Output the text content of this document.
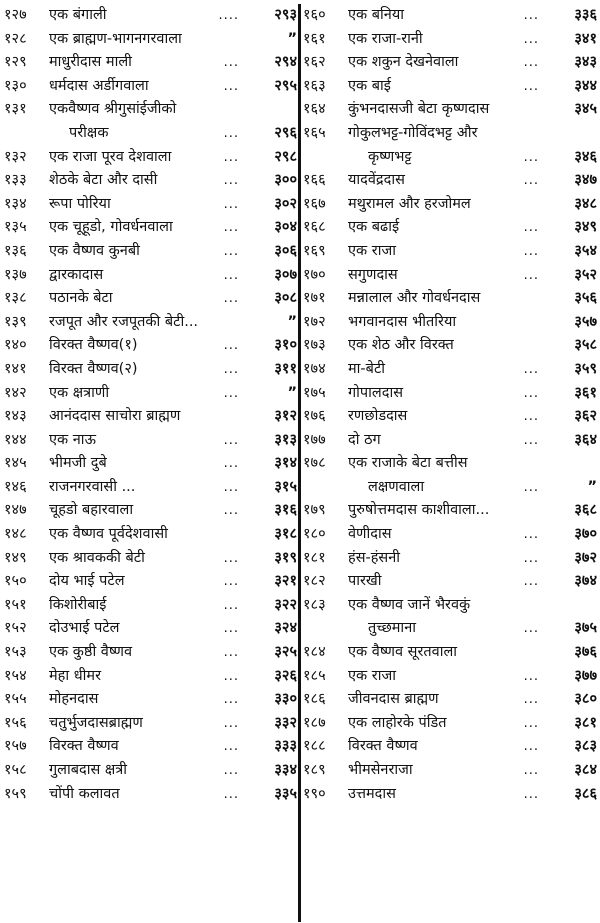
१२७ एक बंगाली	....	२९३
१२८ एक ब्राह्मण-भागनगरवाला	”
१२९ माधुरीदास माली	...	२९४
१३० धर्मदास अर्डीगवाला	...	२९५
१३१ एकवैष्णव श्रीगुसांईजीको
परीक्षक	...	२९६
१३२ एक राजा पूरव देशवाला	...	२९८
१३३ शेठके बेटा और दासी	...	३००
१३४ रूपा पोरिया	...	३०२
१३५ एक चूहूडो, गोवर्धनवाला	...	३०४
१३६ एक वैष्णव कुनबी	...	३०६
१३७ द्वारकादास	...	३०७
१३८ पठानके बेटा	...	३०८
१३९ रजपूत और रजपूतकी बेटी...	”
१४० विरक्त वैष्णव(१)	...	३१०
१४१ विरक्त वैष्णव(२)	...	३११
१४२ एक क्षत्राणी	...	”
१४३ आनंददास साचोरा ब्राह्मण	३१२
१४४ एक नाऊ	...	३१३
१४५ भीमजी दुबे	...	३१४
१४६ राजनगरवासी ...	...	३१५
१४७ चूहडो बहारवाला	...	३१६
१४८ एक वैष्णव पूर्वदेशवासी	३१८
१४९ एक श्रावककी बेटी	...	३१९
१५० दोय भाई पटेल	...	३२१
१५१ किशोरीबाई	...	३२२
१५२ दोउभाई पटेल	...	३२४
१५३ एक कुष्ठी वैष्णव	...	३२५
१५४ मेहा धीमर	...	३२६
१५५ मोहनदास	...	३३०
१५६ चतुर्भुजदासब्राह्मण	...	३३२
१५७ विरक्त वैष्णव	...	३३३
१५८ गुलाबदास क्षत्री	...	३३४
१५९ चोंपी कलावत	...	३३५
१६० एक बनिया	...	३३६
१६१ एक राजा-रानी	...	३४१
१६२ एक शकुन देखनेवाला	...	३४३
१६३ एक बाई	...	३४४
१६४ कुंभनदासजी बेटा कृष्णदास	३४५
१६५ गोकुलभट्ट-गोविंदभट्ट और
कृष्णभट्ट	...	३४६
१६६ यादवेंद्रदास	...	३४७
१६७ मथुरामल और हरजोमल	३४८
१६८ एक बढाई	...	३४९
१६९ एक राजा	...	३५४
१७० सगुणदास	...	३५२
१७१ मन्नालाल और गोवर्धनदास	३५६
१७२ भगवानदास भीतरिया	३५७
१७३ एक शेठ और विरक्त	३५८
१७४ मा-बेटी	...	३५९
१७५ गोपालदास	...	३६१
१७६ रणछोडदास	...	३६२
१७७ दो ठग	...	३६४
१७८ एक राजाके बेटा बत्तीस
लक्षणवाला	...	”
१७९ पुरुषोत्तमदास काशीवाला...	३६८
१८० वेणीदास	...	३७०
१८१ हंस-हंसनी	...	३७२
१८२ पारखी	...	३७४
१८३ एक वैष्णव जानें भैरवकुं
तुच्छमाना	...	३७५
१८४ एक वैष्णव सूरतवाला	३७६
१८५ एक राजा	...	३७७
१८६ जीवनदास ब्राह्मण	...	३८०
१८७ एक लाहोरके पंडित	...	३८१
१८८ विरक्त वैष्णव	...	३८३
१८९ भीमसेनराजा	...	३८४
१९० उत्तमदास	...	३८६
